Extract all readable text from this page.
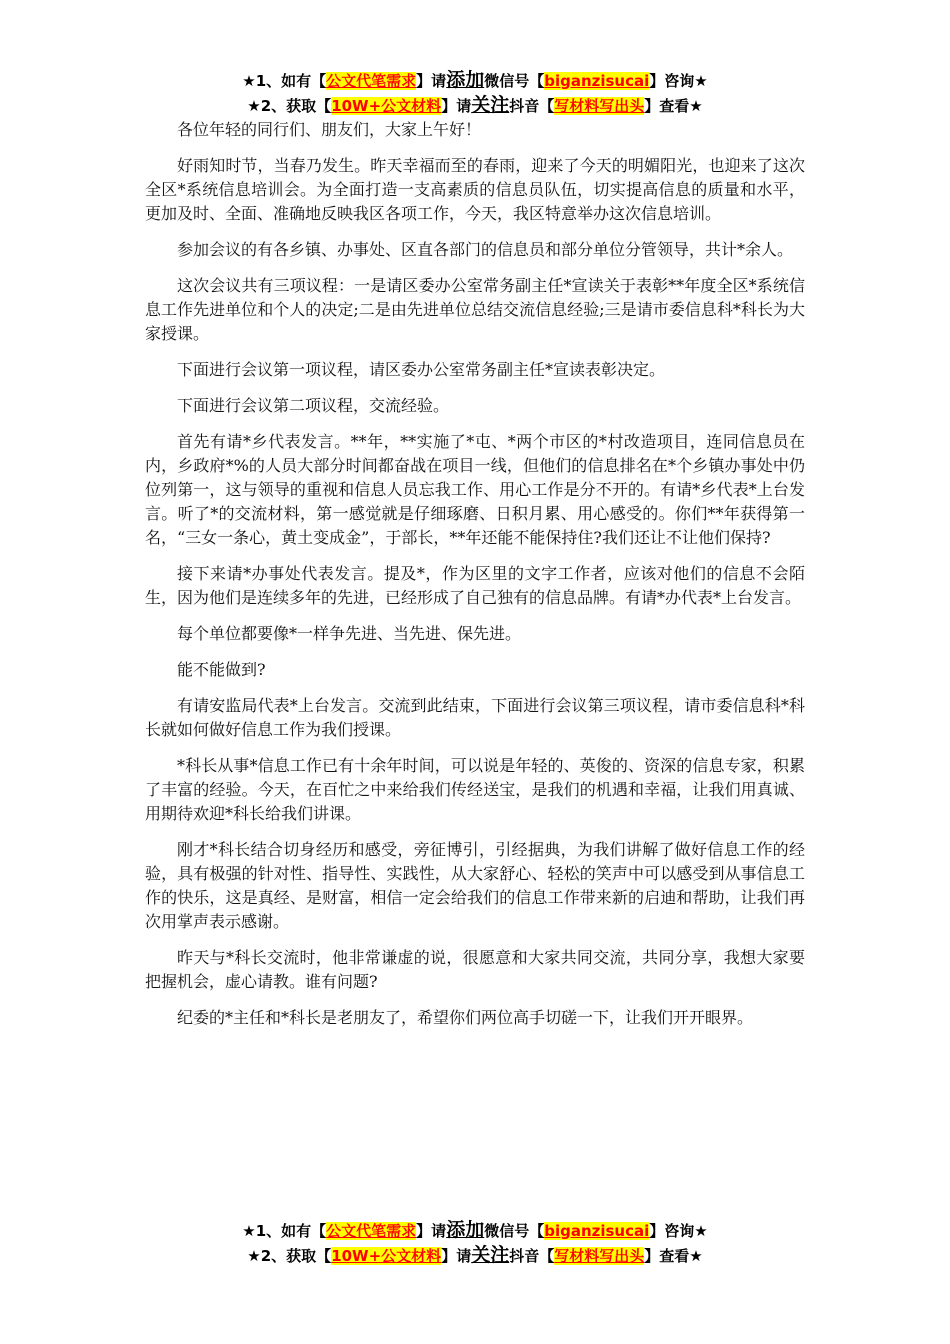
★1、如有【公文代笔需求】请添加微信号【biganzisucai】咨询★
★2、获取【10W+公文材料】请关注抖音【写材料写出头】查看★

各位年轻的同行们、朋友们，大家上午好！

好雨知时节，当春乃发生。昨天幸福而至的春雨，迎来了今天的明媚阳光，也迎来了这次全区*系统信息培训会。为全面打造一支高素质的信息员队伍，切实提高信息的质量和水平，更加及时、全面、准确地反映我区各项工作，今天，我区特意举办这次信息培训。

参加会议的有各乡镇、办事处、区直各部门的信息员和部分单位分管领导，共计*余人。

这次会议共有三项议程：一是请区委办公室常务副主任*宣读关于表彰**年度全区*系统信息工作先进单位和个人的决定;二是由先进单位总结交流信息经验;三是请市委信息科*科长为大家授课。

下面进行会议第一项议程，请区委办公室常务副主任*宣读表彰决定。

下面进行会议第二项议程，交流经验。

首先有请*乡代表发言。**年，**实施了*屯、*两个市区的*村改造项目，连同信息员在内，乡政府*%的人员大部分时间都奋战在项目一线，但他们的信息排名在*个乡镇办事处中仍位列第一，这与领导的重视和信息人员忘我工作、用心工作是分不开的。有请*乡代表*上台发言。听了*的交流材料，第一感觉就是仔细琢磨、日积月累、用心感受的。你们**年获得第一名，“三女一条心，黄土变成金”，于部长，**年还能不能保持住?我们还让不让他们保持?

接下来请*办事处代表发言。提及*，作为区里的文字工作者，应该对他们的信息不会陌生，因为他们是连续多年的先进，已经形成了自己独有的信息品牌。有请*办代表*上台发言。

每个单位都要像*一样争先进、当先进、保先进。

能不能做到?

有请安监局代表*上台发言。交流到此结束，下面进行会议第三项议程，请市委信息科*科长就如何做好信息工作为我们授课。

*科长从事*信息工作已有十余年时间，可以说是年轻的、英俊的、资深的信息专家，积累了丰富的经验。今天，在百忙之中来给我们传经送宝，是我们的机遇和幸福，让我们用真诚、用期待欢迎*科长给我们讲课。

刚才*科长结合切身经历和感受，旁征博引，引经据典，为我们讲解了做好信息工作的经验，具有极强的针对性、指导性、实践性，从大家舒心、轻松的笑声中可以感受到从事信息工作的快乐，这是真经、是财富，相信一定会给我们的信息工作带来新的启迪和帮助，让我们再次用掌声表示感谢。

昨天与*科长交流时，他非常谦虚的说，很愿意和大家共同交流，共同分享，我想大家要把握机会，虚心请教。谁有问题?

纪委的*主任和*科长是老朋友了，希望你们两位高手切磋一下，让我们开开眼界。

★1、如有【公文代笔需求】请添加微信号【biganzisucai】咨询★
★2、获取【10W+公文材料】请关注抖音【写材料写出头】查看★
